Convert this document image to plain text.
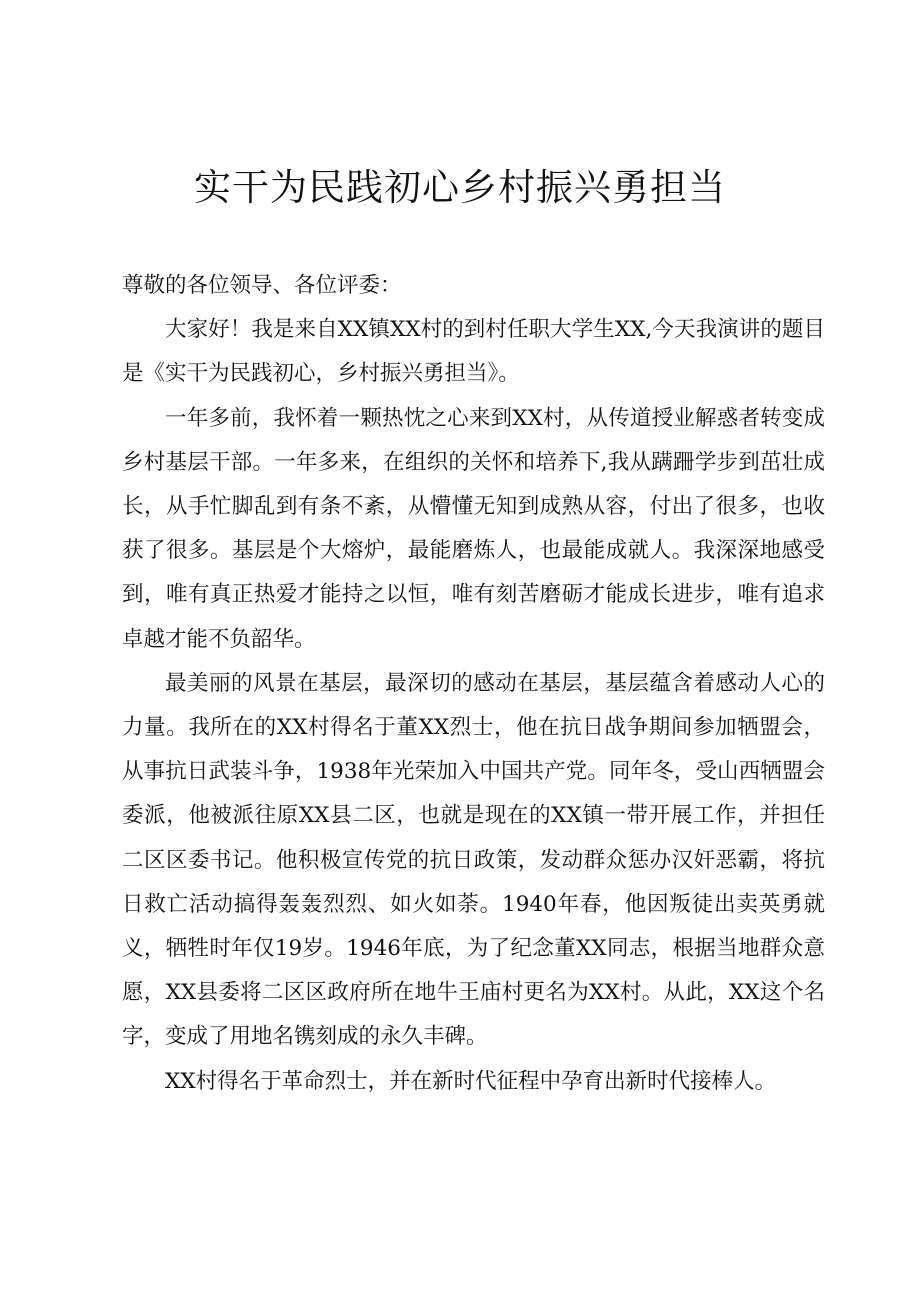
实干为民践初心乡村振兴勇担当

尊敬的各位领导、各位评委：

大家好！我是来自XX镇XX村的到村任职大学生XX,今天我演讲的题目是《实干为民践初心，乡村振兴勇担当》。

一年多前，我怀着一颗热忱之心来到XX村，从传道授业解惑者转变成乡村基层干部。一年多来，在组织的关怀和培养下,我从蹒跚学步到茁壮成长，从手忙脚乱到有条不紊，从懵懂无知到成熟从容，付出了很多，也收获了很多。基层是个大熔炉，最能磨炼人，也最能成就人。我深深地感受到，唯有真正热爱才能持之以恒，唯有刻苦磨砺才能成长进步，唯有追求卓越才能不负韶华。

最美丽的风景在基层，最深切的感动在基层，基层蕴含着感动人心的力量。我所在的XX村得名于董XX烈士，他在抗日战争期间参加牺盟会，从事抗日武装斗争，1938年光荣加入中国共产党。同年冬，受山西牺盟会委派，他被派往原XX县二区，也就是现在的XX镇一带开展工作，并担任二区区委书记。他积极宣传党的抗日政策，发动群众惩办汉奸恶霸，将抗日救亡活动搞得轰轰烈烈、如火如荼。1940年春，他因叛徒出卖英勇就义，牺牲时年仅19岁。1946年底，为了纪念董XX同志，根据当地群众意愿，XX县委将二区区政府所在地牛王庙村更名为XX村。从此，XX这个名字，变成了用地名镌刻成的永久丰碑。

XX村得名于革命烈士，并在新时代征程中孕育出新时代接棒人。
